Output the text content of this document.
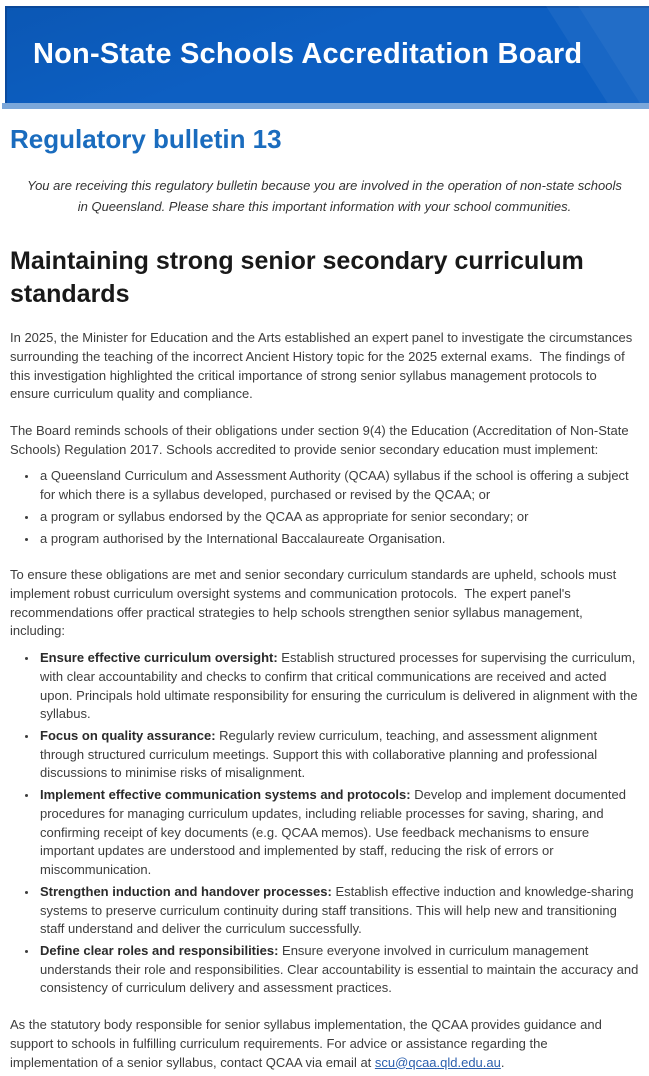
Non-State Schools Accreditation Board
Regulatory bulletin 13
You are receiving this regulatory bulletin because you are involved in the operation of non-state schools in Queensland. Please share this important information with your school communities.
Maintaining strong senior secondary curriculum standards

In 2025, the Minister for Education and the Arts established an expert panel to investigate the circumstances surrounding the teaching of the incorrect Ancient History topic for the 2025 external exams.  The findings of this investigation highlighted the critical importance of strong senior syllabus management protocols to ensure curriculum quality and compliance.

The Board reminds schools of their obligations under section 9(4) the Education (Accreditation of Non-State Schools) Regulation 2017. Schools accredited to provide senior secondary education must implement:

• a Queensland Curriculum and Assessment Authority (QCAA) syllabus if the school is offering a subject for which there is a syllabus developed, purchased or revised by the QCAA; or
• a program or syllabus endorsed by the QCAA as appropriate for senior secondary; or
• a program authorised by the International Baccalaureate Organisation.

To ensure these obligations are met and senior secondary curriculum standards are upheld, schools must implement robust curriculum oversight systems and communication protocols.  The expert panel's recommendations offer practical strategies to help schools strengthen senior syllabus management, including:

• Ensure effective curriculum oversight: Establish structured processes for supervising the curriculum, with clear accountability and checks to confirm that critical communications are received and acted upon. Principals hold ultimate responsibility for ensuring the curriculum is delivered in alignment with the syllabus.
• Focus on quality assurance: Regularly review curriculum, teaching, and assessment alignment through structured curriculum meetings. Support this with collaborative planning and professional discussions to minimise risks of misalignment.
• Implement effective communication systems and protocols: Develop and implement documented procedures for managing curriculum updates, including reliable processes for saving, sharing, and confirming receipt of key documents (e.g. QCAA memos). Use feedback mechanisms to ensure important updates are understood and implemented by staff, reducing the risk of errors or miscommunication.
• Strengthen induction and handover processes: Establish effective induction and knowledge-sharing systems to preserve curriculum continuity during staff transitions. This will help new and transitioning staff understand and deliver the curriculum successfully.
• Define clear roles and responsibilities: Ensure everyone involved in curriculum management understands their role and responsibilities. Clear accountability is essential to maintain the accuracy and consistency of curriculum delivery and assessment practices.

As the statutory body responsible for senior syllabus implementation, the QCAA provides guidance and support to schools in fulfilling curriculum requirements. For advice or assistance regarding the implementation of a senior syllabus, contact QCAA via email at scu@qcaa.qld.edu.au.
